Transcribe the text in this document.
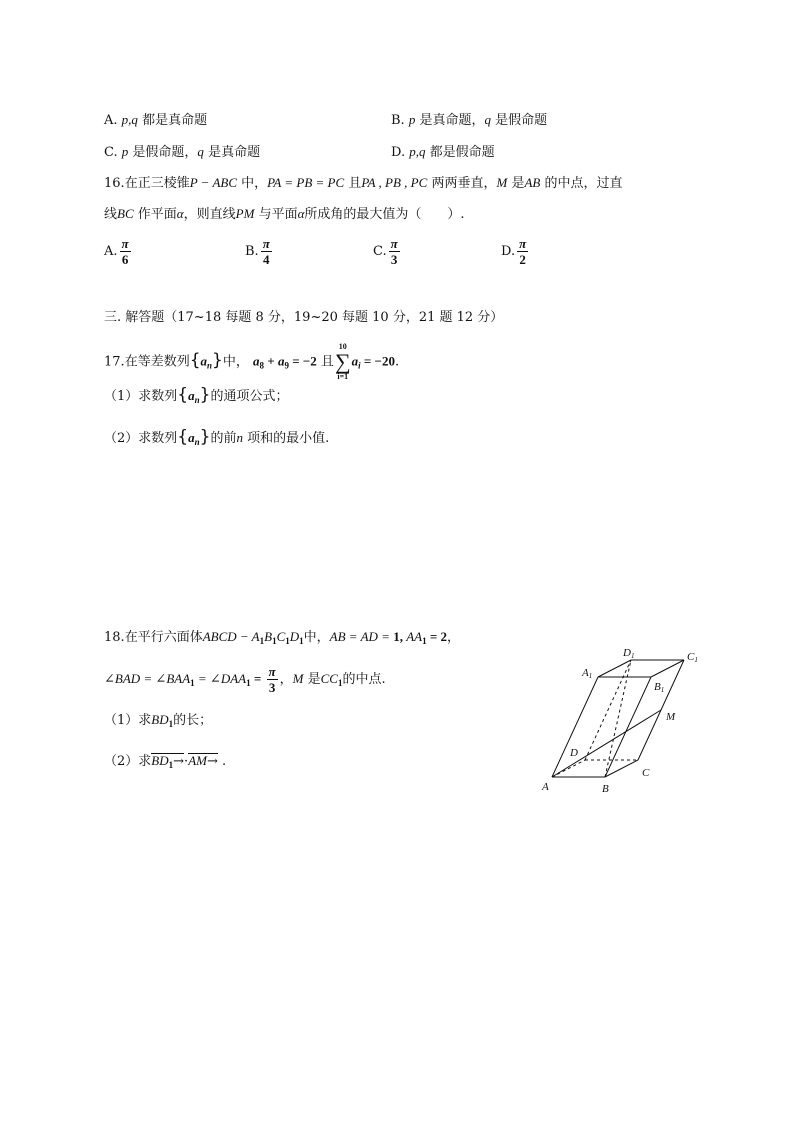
A. p,q 都是真命题	B. p 是真命题，q 是假命题
C. p 是假命题，q 是真命题	D. p,q 都是假命题
16.在正三棱锥P − ABC 中，PA = PB = PC 且PA , PB , PC 两两垂直，M 是AB 的中点，过直
线BC 作平面α，则直线PM 与平面α所成角的最大值为（　　）.
A. $\frac{\pi}{6}$	B. $\frac{\pi}{4}$	C. $\frac{\pi}{3}$	D. $\frac{\pi}{2}$
三. 解答题（17~18 每题 8 分，19~20 每题 10 分，21 题 12 分）
17.在等差数列$\{a_n\}$中， $a_8 + a_9 = -2$ 且
10
∑
i=1
$a_i = -20$.
（1）求数列$\{a_n\}$的通项公式；
（2）求数列$\{a_n\}$的前n 项和的最小值.
18.在平行六面体ABCD − $A_1B_1C_1D_1$中，AB = AD = 1, $AA_1 = 2$，
∠BAD = $\angle BAA_1$ = $\angle DAA_1 = \frac{\pi}{3}$ ，M 是$CC_1$的中点.
（1）求$BD_1$的长；
（2）求$BD_1\to\cdot AM\to$ .
A	B
C
D
A1
B1
C1
D1
M
